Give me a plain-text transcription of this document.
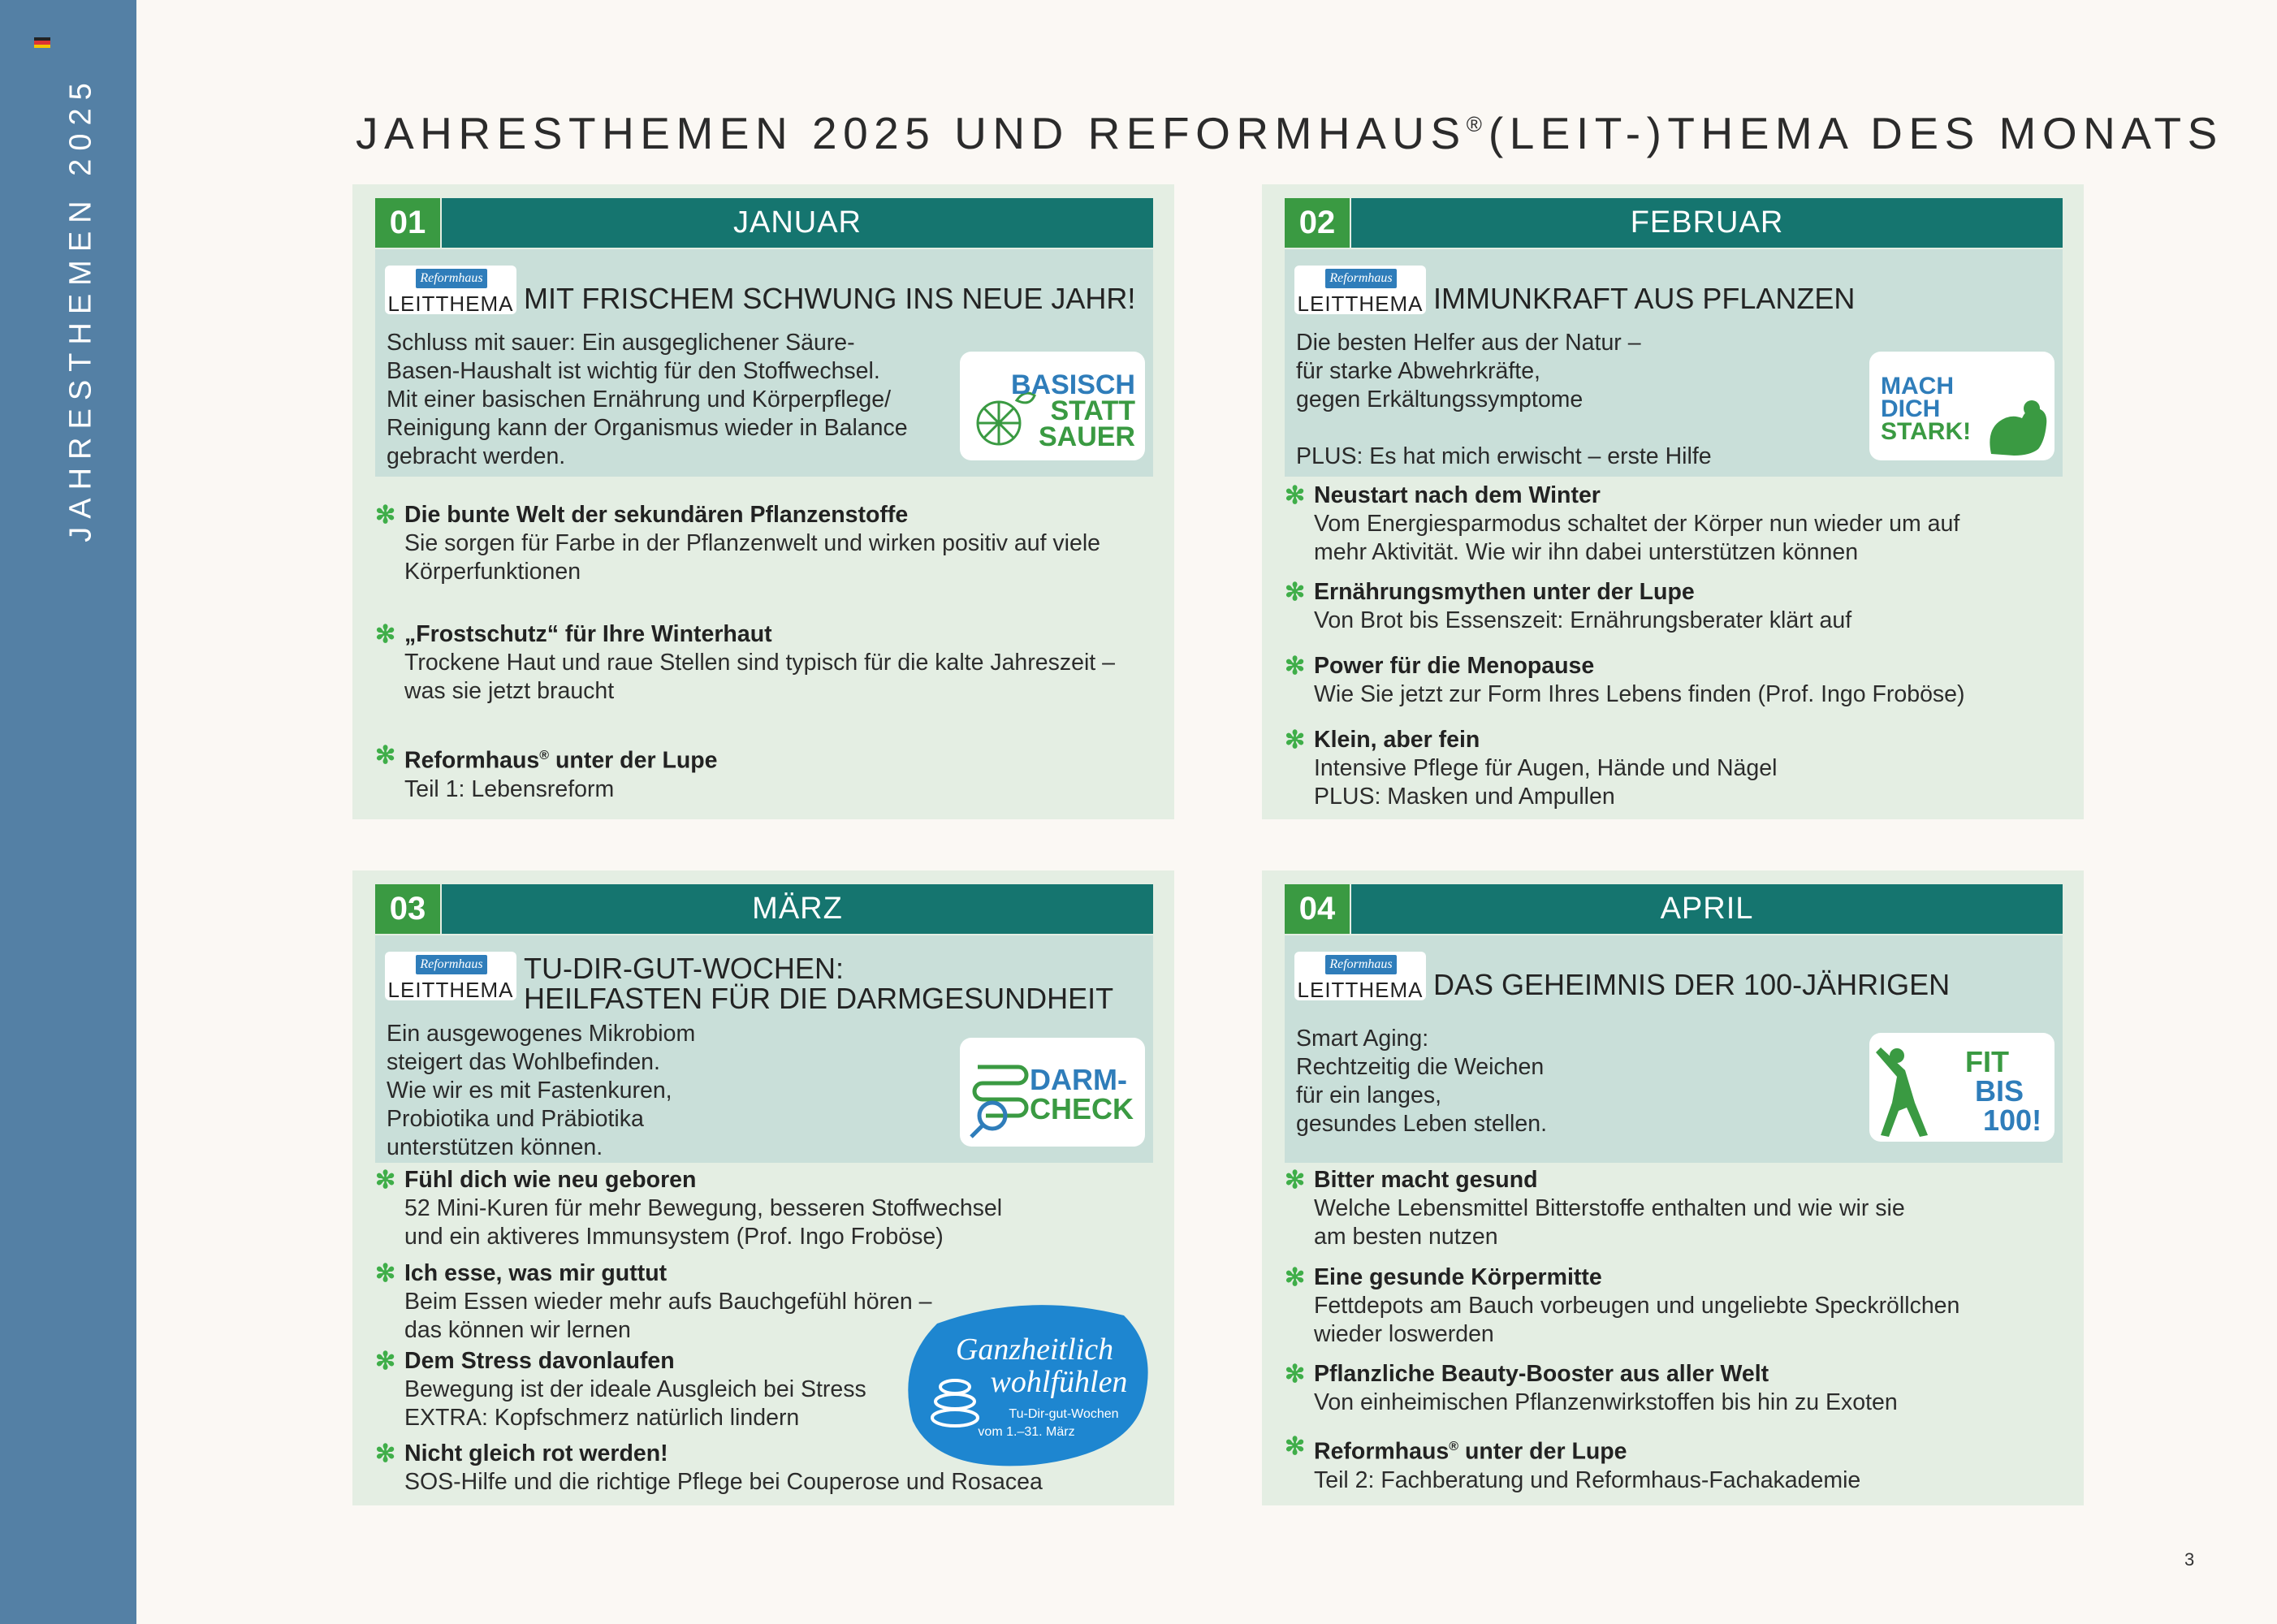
JAHRESTHEMEN 2025	JAHRESTHEMEN 2025 UND REFORMHAUS® (LEIT-)THEMA DES MONATS
01	JANUAR
Reformhaus
LEITTHEMA MIT FRISCHEM SCHWUNG INS NEUE JAHR!

Schluss mit sauer: Ein ausgeglichener Säure-

Basen-Haushalt ist wichtig für den Stoffwechsel.

Mit einer basischen Ernährung und Körperpflege/

Reinigung kann der Organismus wieder in Balance

gebracht werden.

BASISCH
STATT
SAUER
✻ Die bunte Welt der sekundären Pflanzenstoffe
Sie sorgen für Farbe in der Pflanzenwelt und wirken positiv auf viele
Körperfunktionen
✻ „Frostschutz“ für Ihre Winterhaut
Trockene Haut und raue Stellen sind typisch für die kalte Jahreszeit –
was sie jetzt braucht
✻ Reformhaus® unter der Lupe
Teil 1: Lebensreform
02	FEBRUAR
Reformhaus
LEITTHEMA IMMUNKRAFT AUS PFLANZEN

Die besten Helfer aus der Natur –

für starke Abwehrkräfte,

gegen Erkältungssymptome

PLUS: Es hat mich erwischt – erste Hilfe

MACH
DICH
STARK!
✻ Neustart nach dem Winter
Vom Energiesparmodus schaltet der Körper nun wieder um auf
mehr Aktivität. Wie wir ihn dabei unterstützen können
✻ Ernährungsmythen unter der Lupe
Von Brot bis Essenszeit: Ernährungsberater klärt auf
✻ Power für die Menopause
Wie Sie jetzt zur Form Ihres Lebens finden (Prof. Ingo Froböse)
✻ Klein, aber fein
Intensive Pflege für Augen, Hände und Nägel
PLUS: Masken und Ampullen
03	MÄRZ
Reformhaus
LEITTHEMA
TU-DIR-GUT-WOCHEN:
HEILFASTEN FÜR DIE DARMGESUNDHEIT

Ein ausgewogenes Mikrobiom

steigert das Wohlbefinden.

Wie wir es mit Fastenkuren,

Probiotika und Präbiotika

unterstützen können.

DARM-
CHECK
✻ Fühl dich wie neu geboren
52 Mini-Kuren für mehr Bewegung, besseren Stoffwechsel
und ein aktiveres Immunsystem (Prof. Ingo Froböse)
✻ Ich esse, was mir guttut
Beim Essen wieder mehr aufs Bauchgefühl hören –
das können wir lernen
✻ Dem Stress davonlaufen
Bewegung ist der ideale Ausgleich bei Stress
EXTRA: Kopfschmerz natürlich lindern
✻ Nicht gleich rot werden!
SOS-Hilfe und die richtige Pflege bei Couperose und Rosacea
Ganzheitlich
wohlfühlen
Tu-Dir-gut-Wochen
vom 1.–31. März
04	APRIL
Reformhaus
LEITTHEMA DAS GEHEIMNIS DER 100-JÄHRIGEN

Smart Aging:

Rechtzeitig die Weichen

für ein langes,

gesundes Leben stellen.

FIT
BIS
100!
✻ Bitter macht gesund
Welche Lebensmittel Bitterstoffe enthalten und wie wir sie
am besten nutzen
✻ Eine gesunde Körpermitte
Fettdepots am Bauch vorbeugen und ungeliebte Speckröllchen
wieder loswerden
✻ Pflanzliche Beauty-Booster aus aller Welt
Von einheimischen Pflanzenwirkstoffen bis hin zu Exoten
✻ Reformhaus® unter der Lupe
Teil 2: Fachberatung und Reformhaus-Fachakademie
3
